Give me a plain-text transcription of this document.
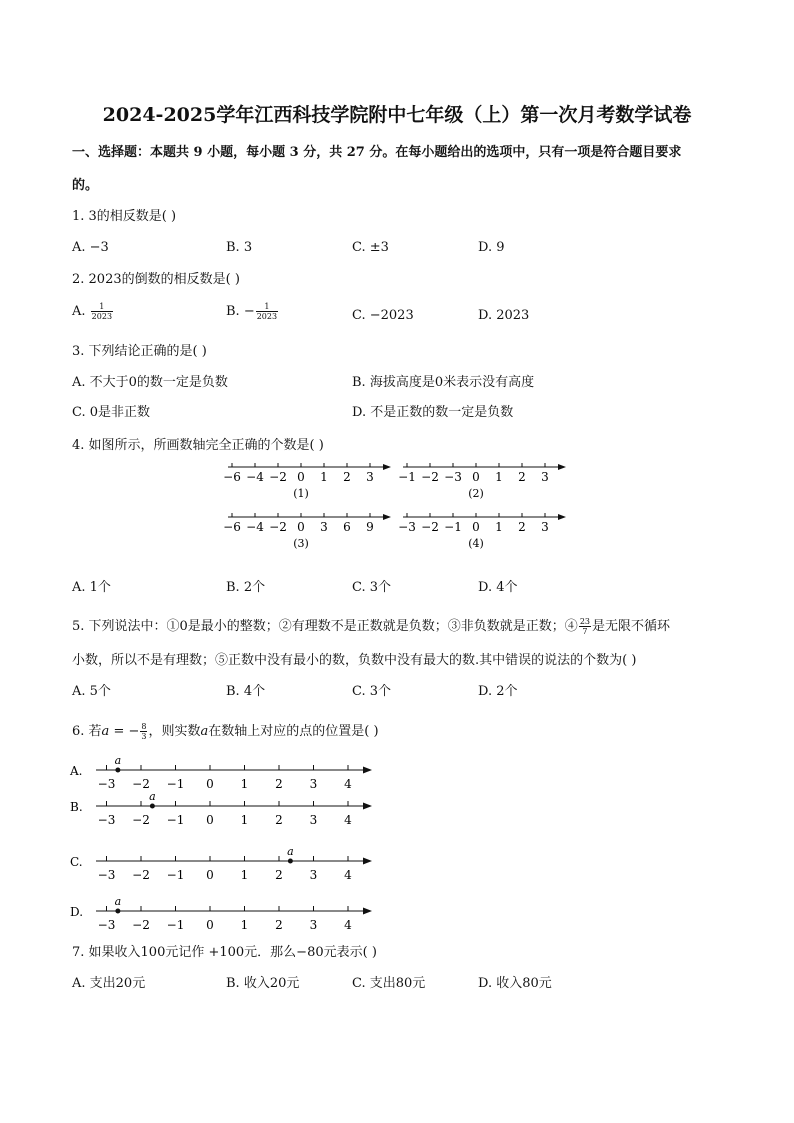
2024-2025学年江西科技学院附中七年级（上）第一次月考数学试卷
一、选择题：本题共 9 小题，每小题 3 分，共 27 分。在每小题给出的选项中，只有一项是符合题目要求
的。
1. 3的相反数是( )
A. −3	B. 3	C. ±3	D. 9
2. 2023的倒数的相反数是( )
A. $\frac{1}{2023}$	B. − $\frac{1}{2023}$	C. −2023	D. 2023
3. 下列结论正确的是( )
A. 不大于0的数一定是负数	B. 海拔高度是0米表示没有高度
C. 0是非正数	D. 不是正数的数一定是负数
4. 如图所示，所画数轴完全正确的个数是( )
−6 −4 −2 0 1 2 3
(1)
−1 −2 −3 0 1 2 3
(2)
−6 −4 −2 0 3 6 9
(3)
−3 −2 −1 0 1 2 3
(4)
A. 1个	B. 2个	C. 3个	D. 4个
5. 下列说法中：①0是最小的整数；②有理数不是正数就是负数；③非负数就是正数；④ $\frac{23}{7}$ 是无限不循环
小数，所以不是有理数；⑤正数中没有最小的数，负数中没有最大的数.其中错误的说法的个数为( )
A. 5个	B. 4个	C. 3个	D. 2个
6. 若a = − $\frac{8}{3}$ ，则实数a在数轴上对应的点的位置是( )
A.
−3 −2 −1 0 1 2 3 4
a
B.
−3 −2 −1 0 1 2 3 4
a
C.
−3 −2 −1 0 1 2 3 4
a
D.
−3 −2 −1 0 1 2 3 4
a
7. 如果收入100元记作 +100元．那么−80元表示( )
A. 支出20元	B. 收入20元	C. 支出80元	D. 收入80元
